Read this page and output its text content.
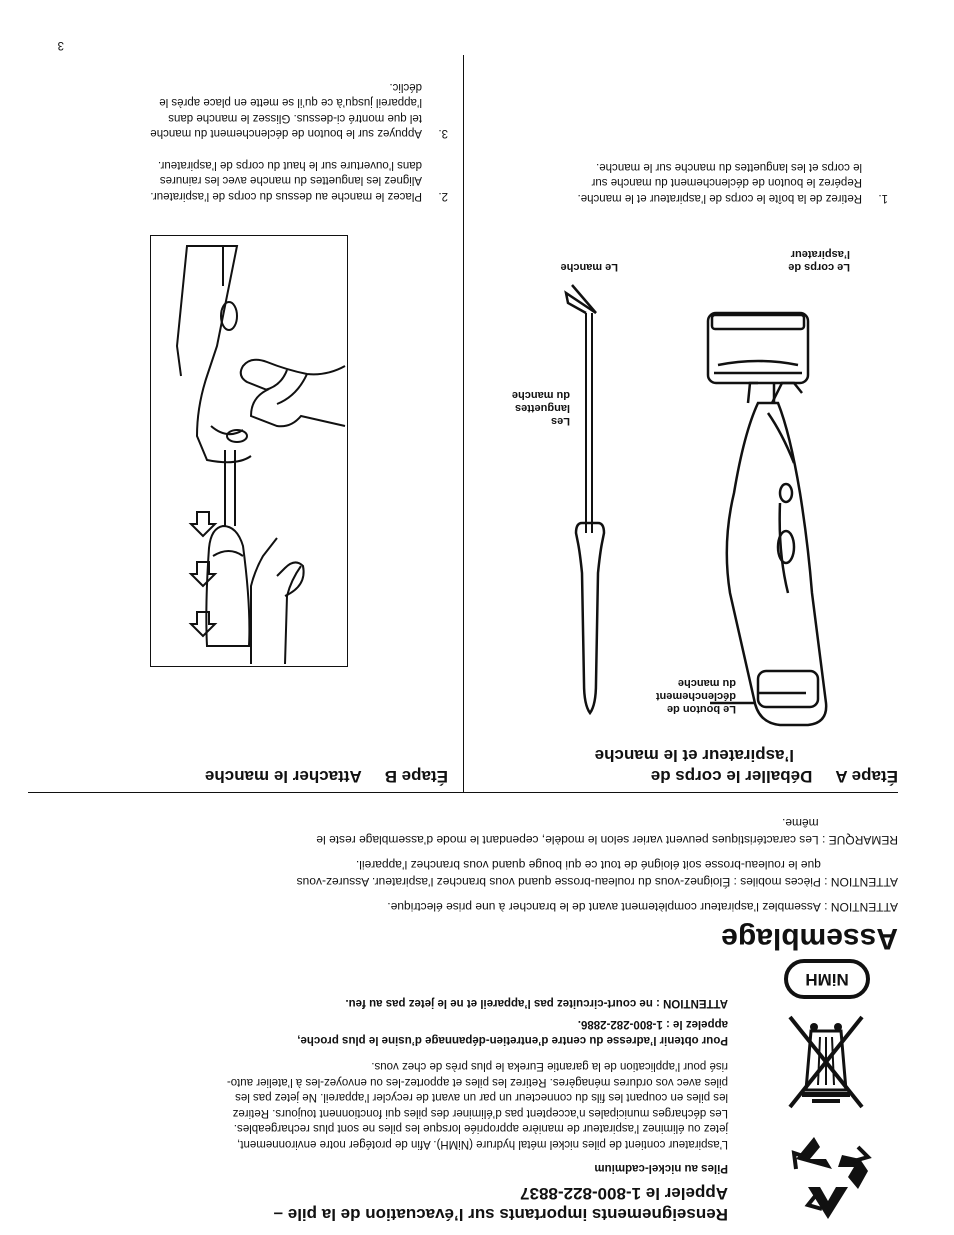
NiMH
Renseignements importants sur l’évacuation de la pile –
Appeler le 1-800-822-8837
Piles au nickel-cadmium
L’aspirateur contient de piles nickel métal hydrure (NiMH). Afin de protéger notre environnement,
jetez ou éliminez l’aspirateur de manière appropriée lorsque les piles ne sont plus rechargeables.
Les décharges municipales n’acceptent pas d’éliminer des piles qui fonctionnent toujours. Retirez
les piles en coupant les fils du connecteur un par un avant de recycler l’appareil. Ne jetez pas les
piles avec vos ordures ménagères. Retirez les piles et apportez-les ou envoyez-les à l’atelier auto-
risé pour l’application de la garantie Eureka le plus près de chez vous.
Pour obtenir l’adresse du centre d’entretien-dépannage d’usine le plus proche,
appelez le : 1-800-282-2886.
ATTENTION : ne court-circuitez pas l’appareil et ne le jetez pas au feu.
Assemblage
ATTENTION :
Assemblez l’aspirateur complètement avant de le brancher à une prise électrique.
ATTENTION :
Pièces mobiles : Éloignez-vous du rouleau-brosse quand vous branchez l’aspirateur. Assurez-vous
que le rouleau-brosse soit éloigné de tout ce qui bouge quand vous branchez l’appareil.
REMARQUE :
Les caractéristiques peuvent varier selon le modèle, cependant le mode d’assemblage reste le
même.
Étape A     Déballer le corps de
l’aspirateur et le manche
Le bouton de
déclenchement
du manche
Les
languettes
du manche
Le corps de
l’aspirateur
Le manche
1.
Retirez de la boîte le corps de l’aspirateur et le manche.
Repérez le bouton de déclenchement du manche sur
le corps et les languettes du manche sur le manche.
Étape B     Attacher le manche
2.
Placez le manche au dessus du corps de l’aspirateur.
Alignez les languettes du manche avec les rainures
dans l’ouverture sur le haut du corps de l’aspirateur.
3.
Appuyez sur le bouton de déclenchement du manche
tel que montré ci-dessus. Glissez le manche dans
l’appareil jusqu’à ce qu’il se mette en place après le
déclic.
3
